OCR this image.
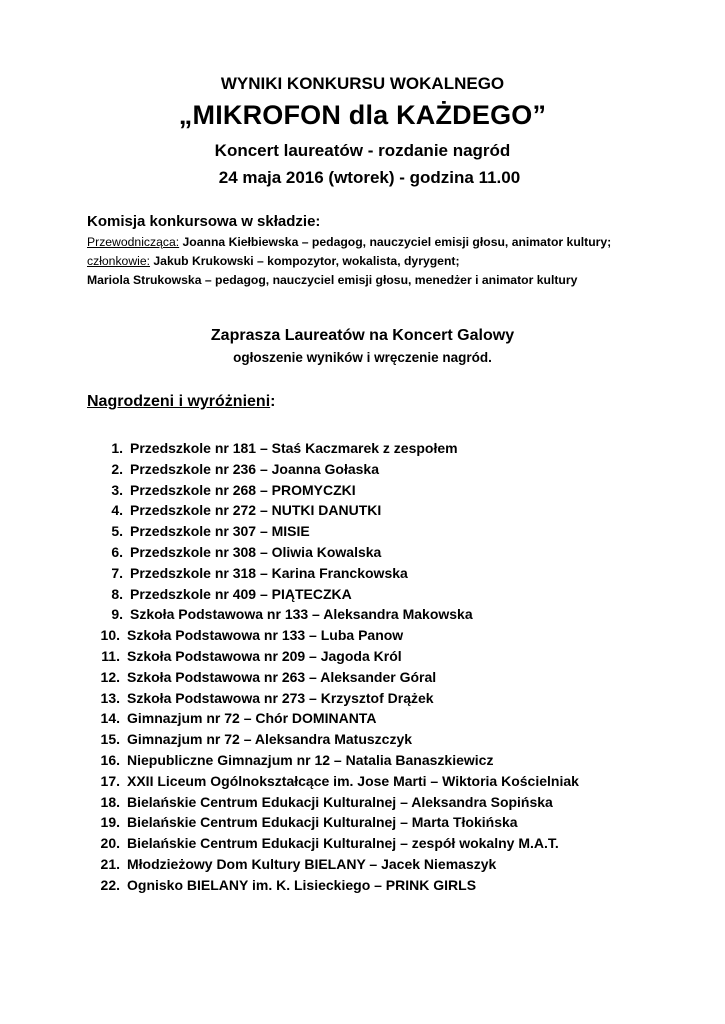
WYNIKI KONKURSU WOKALNEGO
„MIKROFON dla KAŻDEGO”
Koncert laureatów - rozdanie nagród
24 maja 2016 (wtorek) - godzina 11.00
Komisja konkursowa w składzie:
Przewodnicząca: Joanna Kiełbiewska – pedagog, nauczyciel emisji głosu, animator kultury;
członkowie: Jakub Krukowski – kompozytor, wokalista, dyrygent;
Mariola Strukowska – pedagog, nauczyciel emisji głosu, menedżer i animator kultury
Zaprasza Laureatów na Koncert Galowy
ogłoszenie wyników i wręczenie nagród.
Nagrodzeni i wyróżnieni:
1. Przedszkole nr 181 – Staś Kaczmarek z zespołem
2. Przedszkole nr 236 – Joanna Gołaska
3. Przedszkole nr 268 – PROMYCZKI
4. Przedszkole nr 272 – NUTKI DANUTKI
5. Przedszkole nr 307 – MISIE
6. Przedszkole nr 308 – Oliwia Kowalska
7. Przedszkole nr 318 – Karina Franckowska
8. Przedszkole nr 409 – PIĄTECZKA
9. Szkoła Podstawowa nr 133 – Aleksandra Makowska
10. Szkoła Podstawowa nr 133 – Luba Panow
11. Szkoła Podstawowa nr 209 – Jagoda Król
12. Szkoła Podstawowa nr 263 – Aleksander Góral
13. Szkoła Podstawowa nr 273 – Krzysztof Drążek
14. Gimnazjum nr 72 – Chór DOMINANTA
15. Gimnazjum nr 72 – Aleksandra Matuszczyk
16. Niepubliczne Gimnazjum nr 12 – Natalia Banaszkiewicz
17. XXII Liceum Ogólnokształcące im. Jose Marti – Wiktoria Kościelniak
18. Bielańskie Centrum Edukacji Kulturalnej – Aleksandra Sopińska
19. Bielańskie Centrum Edukacji Kulturalnej – Marta Tłokińska
20. Bielańskie Centrum Edukacji Kulturalnej – zespół wokalny M.A.T.
21. Młodzieżowy Dom Kultury BIELANY – Jacek Niemaszyk
22. Ognisko BIELANY im. K. Lisieckiego – PRINK GIRLS
